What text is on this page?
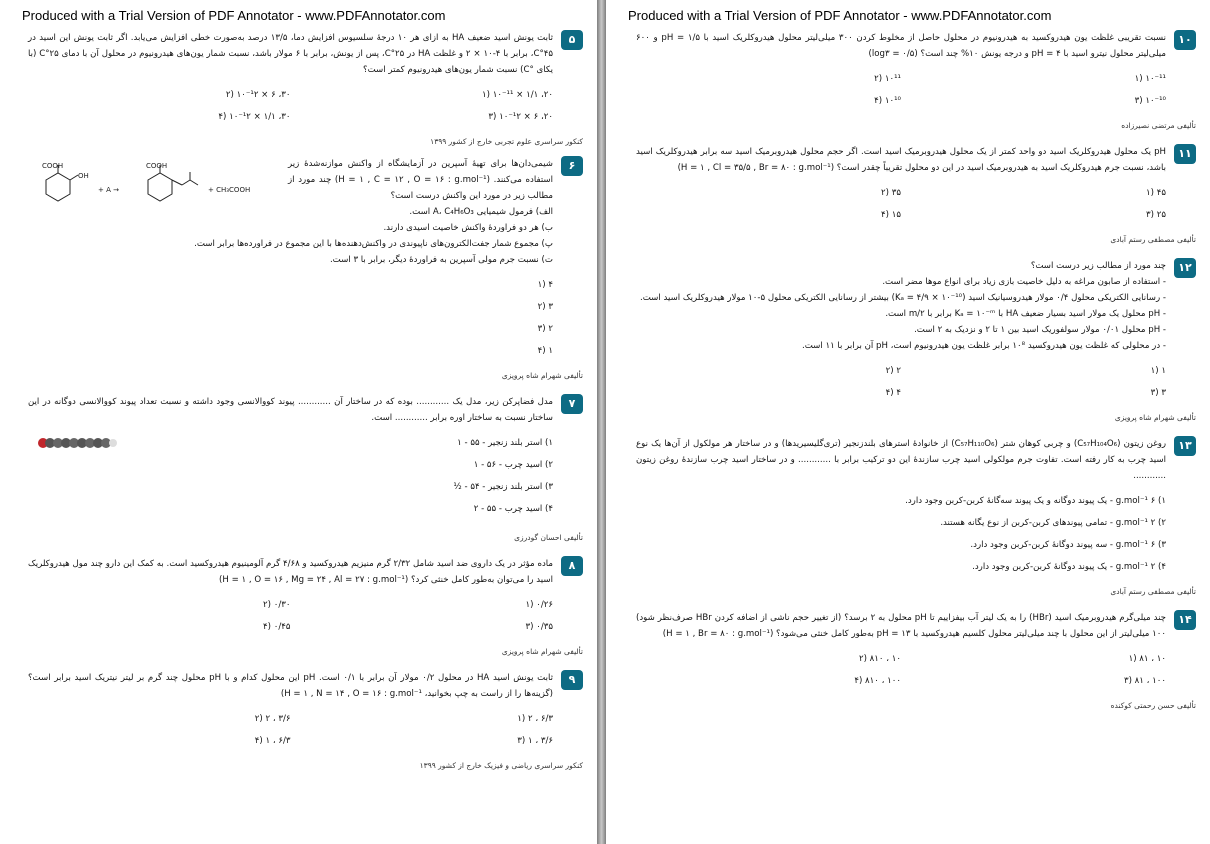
Produced with a Trial Version of PDF Annotator - www.PDFAnnotator.com
۵
ثابت یونش اسید ضعیف HA به ازای هر ۱۰ درجهٔ سلسیوس افزایش دما، ۱۳/۵ درصد به‌صورت خطی افزایش می‌یابد. اگر ثابت یونش این اسید در ۴۵°C، برابر با ۴-۱۰ × ۲ و غلظت HA در ۲۵°C، پس از یونش، برابر با ۶ مولار باشد، نسبت شمار یون‌های هیدرونیوم در محلول آن با دمای ۲۵°C (با یکای °C) نسبت شمار یون‌های هیدرونیوم کمتر است؟
۲۰، ۱/۱ × ۱۰⁻¹¹ (۱
۳۰، ۶ × ۱۰⁻¹۲ (۲
۲۰، ۶ × ۱۰⁻¹۲ (۳
۳۰، ۱/۱ × ۱۰⁻¹۲ (۴
کنکور سراسری علوم تجربی خارج از کشور ۱۳۹۹
۶
COOH
OH
+ A →
COOH
+ CH₃COOH
شیمی‌دان‌ها برای تهیهٔ آسپرین در آزمایشگاه از واکنش موازنه‌شدهٔ زیر استفاده می‌کنند. (H = ۱ , C = ۱۲ , O = ۱۶ : g.mol⁻¹) چند مورد از مطالب زیر در مورد این واکنش درست است؟
الف) فرمول شیمیایی A، C₄H₆O₃ است.
ب) هر دو فراوردهٔ واکنش خاصیت اسیدی دارند.
پ) مجموع شمار جفت‌الکترون‌های ناپیوندی در واکنش‌دهنده‌ها با این مجموع در فراورده‌ها برابر است.
ت) نسبت جرم مولی آسپرین به فراوردهٔ دیگر، برابر با ۳ است.
۴ (۱
۳ (۲
۲ (۳
۱ (۴
تألیفی شهرام شاه پرویزی
۷
مدل فضاپرکن زیر، مدل یک ............ بوده که در ساختار آن ............ پیوند کووالانسی وجود داشته و نسبت تعداد پیوند کووالانسی دوگانه در این ساختار نسبت به ساختار اوره برابر ............ است.
۱) استر بلند زنجیر - ۵۵ - ۱
۲) اسید چرب - ۵۶ - ۱
۳) استر بلند زنجیر - ۵۴ - ½
۴) اسید چرب - ۵۵ - ۲
تألیفی احسان گودرزی
۸
ماده مؤثر در یک داروی ضد اسید شامل ۲/۳۲ گرم منیزیم هیدروکسید و ۴/۶۸ گرم آلومینیوم هیدروکسید است. به کمک این دارو چند مول هیدروکلریک اسید را می‌توان به‌طور کامل خنثی کرد؟ (H = ۱ , O = ۱۶ , Mg = ۲۴ , Al = ۲۷ : g.mol⁻¹)
۰/۲۶ (۱
۰/۳۰ (۲
۰/۳۵ (۳
۰/۴۵ (۴
تألیفی شهرام شاه پرویزی
۹
ثابت یونش اسید HA در محلول ۰/۲ مولار آن برابر با ۰/۱ است. pH این محلول کدام و با pH محلول چند گرم بر لیتر نیتریک اسید برابر است؟ (گزینه‌ها را از راست به چپ بخوانید، H = ۱ , N = ۱۴ , O = ۱۶ : g.mol⁻¹)
۶/۳ ، ۲ (۱
۳/۶ ، ۲ (۲
۳/۶ ، ۱ (۳
۶/۳ ، ۱ (۴
کنکور سراسری ریاضی و فیزیک خارج از کشور ۱۳۹۹
Produced with a Trial Version of PDF Annotator - www.PDFAnnotator.com
۱۰
نسبت تقریبی غلظت یون هیدروکسید به هیدرونیوم در محلول حاصل از مخلوط کردن ۳۰۰ میلی‌لیتر محلول هیدروکلریک اسید با pH = ۱/۵ و ۶۰۰ میلی‌لیتر محلول نیترو اسید با pH = ۴ و درجه یونش ۱۰% چند است؟ (log۳ = ۰/۵)
۱۰⁻¹¹ (۱
۱۰¹¹ (۲
۱۰⁻¹⁰ (۳
۱۰¹⁰ (۴
تألیفی مرتضی نصیرزاده
۱۱
pH یک محلول هیدروکلریک اسید دو واحد کمتر از یک محلول هیدروبرمیک اسید است. اگر حجم محلول هیدروبرمیک اسید سه برابر هیدروکلریک اسید باشد، نسبت جرم هیدروکلریک اسید به هیدروبرمیک اسید در این دو محلول تقریباً چقدر است؟ (H = ۱ , Cl = ۳۵/۵ , Br = ۸۰ : g.mol⁻¹)
۴۵ (۱
۳۵ (۲
۲۵ (۳
۱۵ (۴
تألیفی مصطفی رستم آبادی
۱۲
چند مورد از مطالب زیر درست است؟
- استفاده از صابون مراغه به دلیل خاصیت بازی زیاد برای انواع موها مضر است.
- رسانایی الکتریکی محلول ۰/۴ مولار هیدروسیانیک اسید (Kₐ = ۴/۹ × ۱۰⁻¹⁰) بیشتر از رسانایی الکتریکی محلول ۵-۱۰ مولار هیدروکلریک اسید است.
- pH محلول یک مولار اسید بسیار ضعیف HA با Kₐ = ۱۰⁻ᵐ برابر با m/۲ است.
- pH محلول ۰/۰۱ مولار سولفوریک اسید بین ۱ تا ۲ و نزدیک به ۲ است.
- در محلولی که غلظت یون هیدروکسید ۱۰⁸ برابر غلظت یون هیدرونیوم است، pH آن برابر با ۱۱ است.
۱ (۱
۲ (۲
۳ (۳
۴ (۴
تألیفی شهرام شاه پرویزی
۱۳
روغن زیتون (C₅₇H₁₀₄O₆) و چربی کوهان شتر (C₅₇H₁₁₀O₆) از خانوادهٔ استرهای بلندزنجیر (تری‌گلیسیریدها) و در ساختار هر مولکول از آن‌ها یک نوع اسید چرب به کار رفته است. تفاوت جرم مولکولی اسید چرب سازندهٔ این دو ترکیب برابر با ............ و در ساختار اسید چرب سازندهٔ روغن زیتون ............
۱) ۶ g.mol⁻¹ - یک پیوند دوگانه و یک پیوند سه‌گانهٔ کربن-کربن وجود دارد.
۲) ۲ g.mol⁻¹ - تمامی پیوندهای کربن-کربن از نوع یگانه هستند.
۳) ۶ g.mol⁻¹ - سه پیوند دوگانهٔ کربن-کربن وجود دارد.
۴) ۲ g.mol⁻¹ - یک پیوند دوگانهٔ کربن-کربن وجود دارد.
تألیفی مصطفی رستم آبادی
۱۴
چند میلی‌گرم هیدروبرمیک اسید (HBr) را به یک لیتر آب بیفزاییم تا pH محلول به ۲ برسد؟ (از تغییر حجم ناشی از اضافه کردن HBr صرف‌نظر شود) ۱۰۰ میلی‌لیتر از این محلول با چند میلی‌لیتر محلول کلسیم هیدروکسید با pH = ۱۳ به‌طور کامل خنثی می‌شود؟ (H = ۱ , Br = ۸۰ : g.mol⁻¹)
۱۰ ، ۸۱ (۱
۱۰ ، ۸۱۰ (۲
۱۰۰ ، ۸۱ (۳
۱۰۰ ، ۸۱۰ (۴
تألیفی حسن رحمتی کوکنده
